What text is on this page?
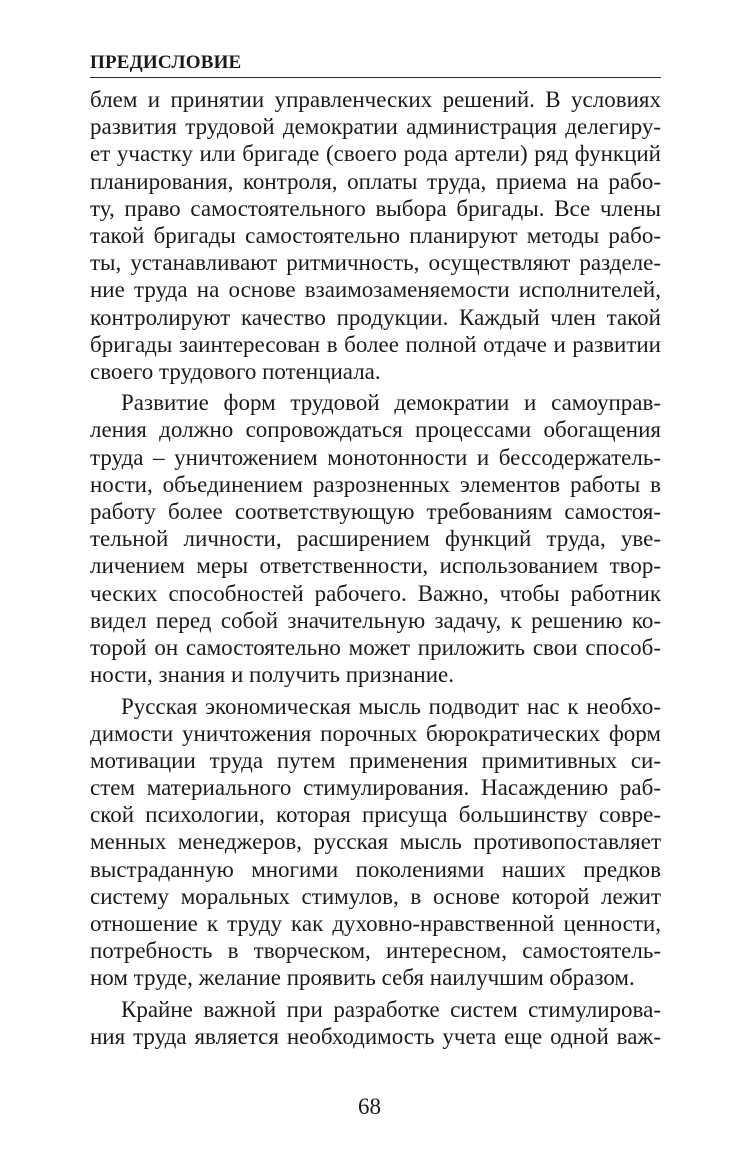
ПРЕДИСЛОВИЕ
блем и принятии управленческих решений. В условиях
развития трудовой демократии администрация делегиру-
ет участку или бригаде (своего рода артели) ряд функций
планирования, контроля, оплаты труда, приема на рабо-
ту, право самостоятельного выбора бригады. Все члены
такой бригады самостоятельно планируют методы рабо-
ты, устанавливают ритмичность, осуществляют разделе-
ние труда на основе взаимозаменяемости исполнителей,
контролируют качество продукции. Каждый член такой
бригады заинтересован в более полной отдаче и развитии
своего трудового потенциала.
Развитие форм трудовой демократии и самоуправ-
ления должно сопровождаться процессами обогащения
труда – уничтожением монотонности и бессодержатель-
ности, объединением разрозненных элементов работы в
работу более соответствующую требованиям самостоя-
тельной личности, расширением функций труда, уве-
личением меры ответственности, использованием твор-
ческих способностей рабочего. Важно, чтобы работник
видел перед собой значительную задачу, к решению ко-
торой он самостоятельно может приложить свои способ-
ности, знания и получить признание.
Русская экономическая мысль подводит нас к необхо-
димости уничтожения порочных бюрократических форм
мотивации труда путем применения примитивных си-
стем материального стимулирования. Насаждению раб-
ской психологии, которая присуща большинству совре-
менных менеджеров, русская мысль противопоставляет
выстраданную многими поколениями наших предков
систему моральных стимулов, в основе которой лежит
отношение к труду как духовно-нравственной ценности,
потребность в творческом, интересном, самостоятель-
ном труде, желание проявить себя наилучшим образом.
Крайне важной при разработке систем стимулирова-
ния труда является необходимость учета еще одной важ-
68
